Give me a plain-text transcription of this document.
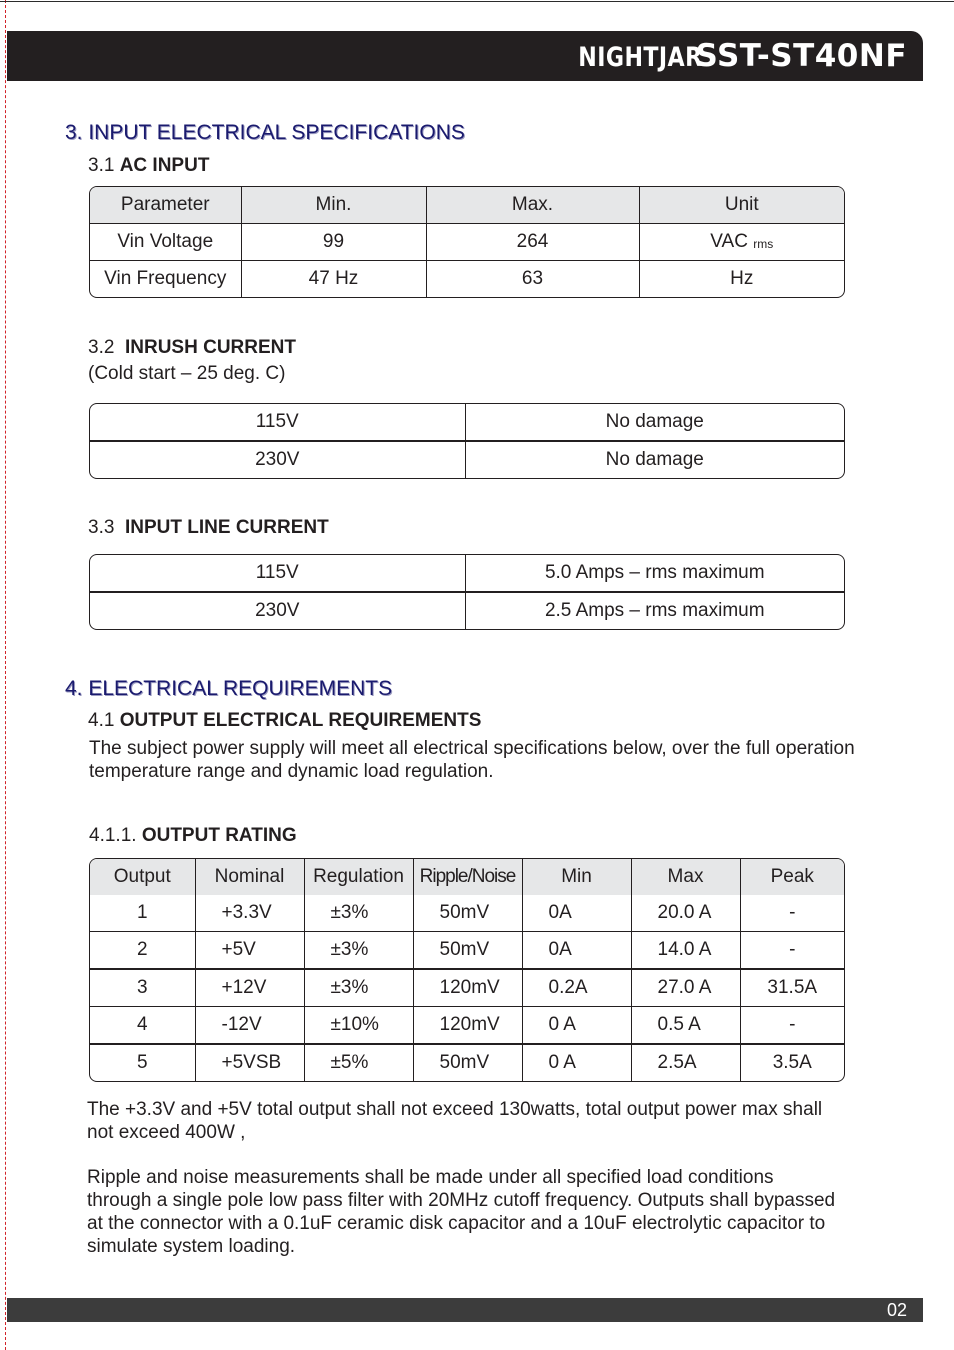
NIGHTJAR SST-ST40NF
3. INPUT ELECTRICAL SPECIFICATIONS
3.1 AC INPUT
Parameter	Min.	Max.	Unit
Vin Voltage	99	264	VAC $_{rms}$
Vin Frequency	47 Hz	63	Hz
3.2 INRUSH CURRENT
(Cold start – 25 deg. C)
115V	No damage
230V	No damage
3.3 INPUT LINE CURRENT
115V	5.0 Amps – rms maximum
230V	2.5 Amps – rms maximum
4. ELECTRICAL REQUIREMENTS
4.1 OUTPUT ELECTRICAL REQUIREMENTS
The subject power supply will meet all electrical specifications below, over the full operation
temperature range and dynamic load regulation.
4.1.1. OUTPUT RATING
Output	Nominal	Regulation	Ripple/Noise	Min	Max	Peak
1	+3.3V	±3%	50mV	0A	20.0 A	-
2	+5V	±3%	50mV	0A	14.0 A	-
3	+12V	±3%	120mV	0.2A	27.0 A	31.5A
4	-12V	±10%	120mV	0 A	0.5 A	-
5	+5VSB	±5%	50mV	0 A	2.5A	3.5A
The +3.3V and +5V total output shall not exceed 130watts, total output power max shall
not exceed 400W ,
Ripple and noise measurements shall be made under all specified load conditions
through a single pole low pass filter with 20MHz cutoff frequency. Outputs shall bypassed
at the connector with a 0.1uF ceramic disk capacitor and a 10uF electrolytic capacitor to
simulate system loading.
02
